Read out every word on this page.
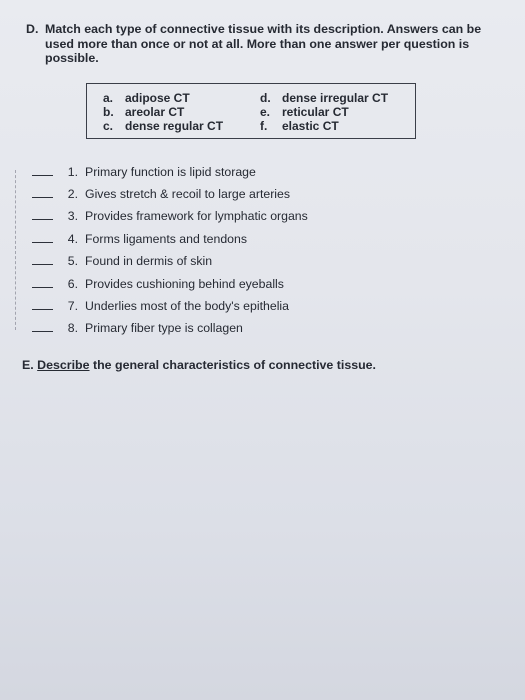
D. Match each type of connective tissue with its description. Answers can be used more than once or not at all. More than one answer per question is possible.
a. adipose CT
b. areolar CT
c. dense regular CT
d. dense irregular CT
e. reticular CT
f. elastic CT
1. Primary function is lipid storage
2. Gives stretch & recoil to large arteries
3. Provides framework for lymphatic organs
4. Forms ligaments and tendons
5. Found in dermis of skin
6. Provides cushioning behind eyeballs
7. Underlies most of the body's epithelia
8. Primary fiber type is collagen
E. Describe the general characteristics of connective tissue.
